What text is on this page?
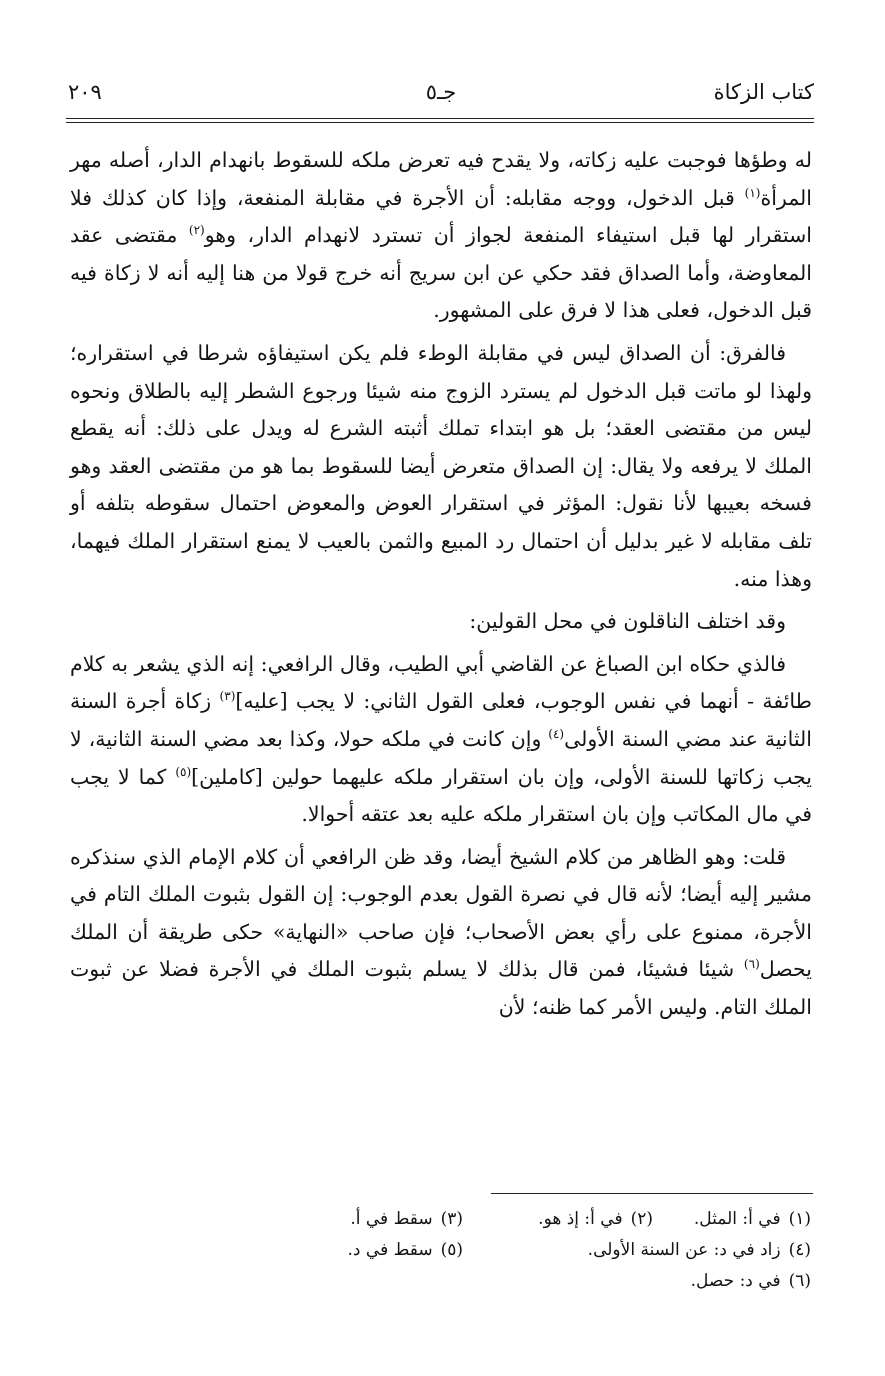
كتاب الزكاة
جـ٥
٢٠٩

له وطؤها فوجبت عليه زكاته، ولا يقدح فيه تعرض ملكه للسقوط بانهدام الدار، أصله مهر المرأة$^{(١)}$ قبل الدخول، ووجه مقابله: أن الأجرة في مقابلة المنفعة، وإذا كان كذلك فلا استقرار لها قبل استيفاء المنفعة لجواز أن تسترد لانهدام الدار، وهو$^{(٢)}$ مقتضى عقد المعاوضة، وأما الصداق فقد حكي عن ابن سريج أنه خرج قولا من هنا إليه أنه لا زكاة فيه قبل الدخول، فعلى هذا لا فرق على المشهور.

فالفرق: أن الصداق ليس في مقابلة الوطء فلم يكن استيفاؤه شرطا في استقراره؛ ولهذا لو ماتت قبل الدخول لم يسترد الزوج منه شيئا ورجوع الشطر إليه بالطلاق ونحوه ليس من مقتضى العقد؛ بل هو ابتداء تملك أثبته الشرع له ويدل على ذلك: أنه يقطع الملك لا يرفعه ولا يقال: إن الصداق متعرض أيضا للسقوط بما هو من مقتضى العقد وهو فسخه بعيبها لأنا نقول: المؤثر في استقرار العوض والمعوض احتمال سقوطه بتلفه أو تلف مقابله لا غير بدليل أن احتمال رد المبيع والثمن بالعيب لا يمنع استقرار الملك فيهما، وهذا منه.

وقد اختلف الناقلون في محل القولين:

فالذي حكاه ابن الصباغ عن القاضي أبي الطيب، وقال الرافعي: إنه الذي يشعر به كلام طائفة - أنهما في نفس الوجوب، فعلى القول الثاني: لا يجب [عليه]$^{(٣)}$ زكاة أجرة السنة الثانية عند مضي السنة الأولى$^{(٤)}$ وإن كانت في ملكه حولا، وكذا بعد مضي السنة الثانية، لا يجب زكاتها للسنة الأولى، وإن بان استقرار ملكه عليهما حولين [كاملين]$^{(٥)}$ كما لا يجب في مال المكاتب وإن بان استقرار ملكه عليه بعد عتقه أحوالا.

قلت: وهو الظاهر من كلام الشيخ أيضا، وقد ظن الرافعي أن كلام الإمام الذي سنذكره مشير إليه أيضا؛ لأنه قال في نصرة القول بعدم الوجوب: إن القول بثبوت الملك التام في الأجرة، ممنوع على رأي بعض الأصحاب؛ فإن صاحب «النهاية» حكى طريقة أن الملك يحصل$^{(٦)}$ شيئا فشيئا، فمن قال بذلك لا يسلم بثبوت الملك في الأجرة فضلا عن ثبوت الملك التام. وليس الأمر كما ظنه؛ لأن

(١)في أ: المثل.
(٢)في أ: إذ هو.
(٣)سقط في أ.
(٤)زاد في د: عن السنة الأولى.
(٥)سقط في د.
(٦)في د: حصل.
